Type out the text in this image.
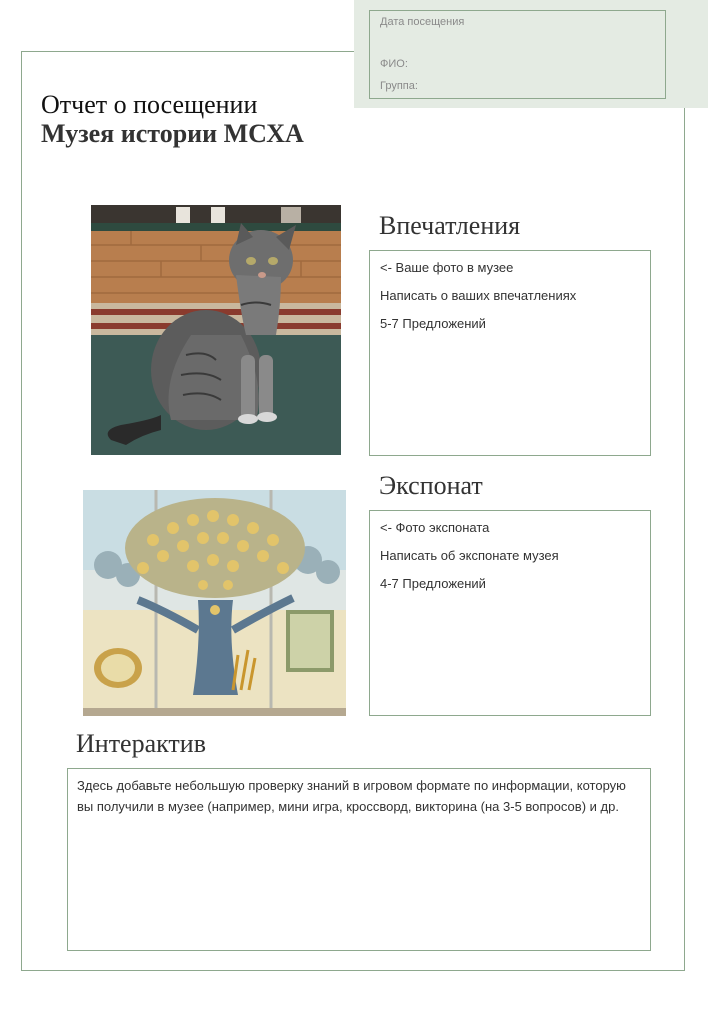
Дата посещения
ФИО:
Группа:
Отчет о посещении
Музея истории МСХА
Впечатления
<- Ваше фото в музее
Написать о ваших впечатлениях
5-7 Предложений
Экспонат
<- Фото экспоната
Написать об экспонате музея
4-7 Предложений
Интерактив
Здесь добавьте небольшую проверку знаний в игровом формате по информации, которую вы получили в музее (например, мини игра, кроссворд, викторина (на 3-5 вопросов) и др.
